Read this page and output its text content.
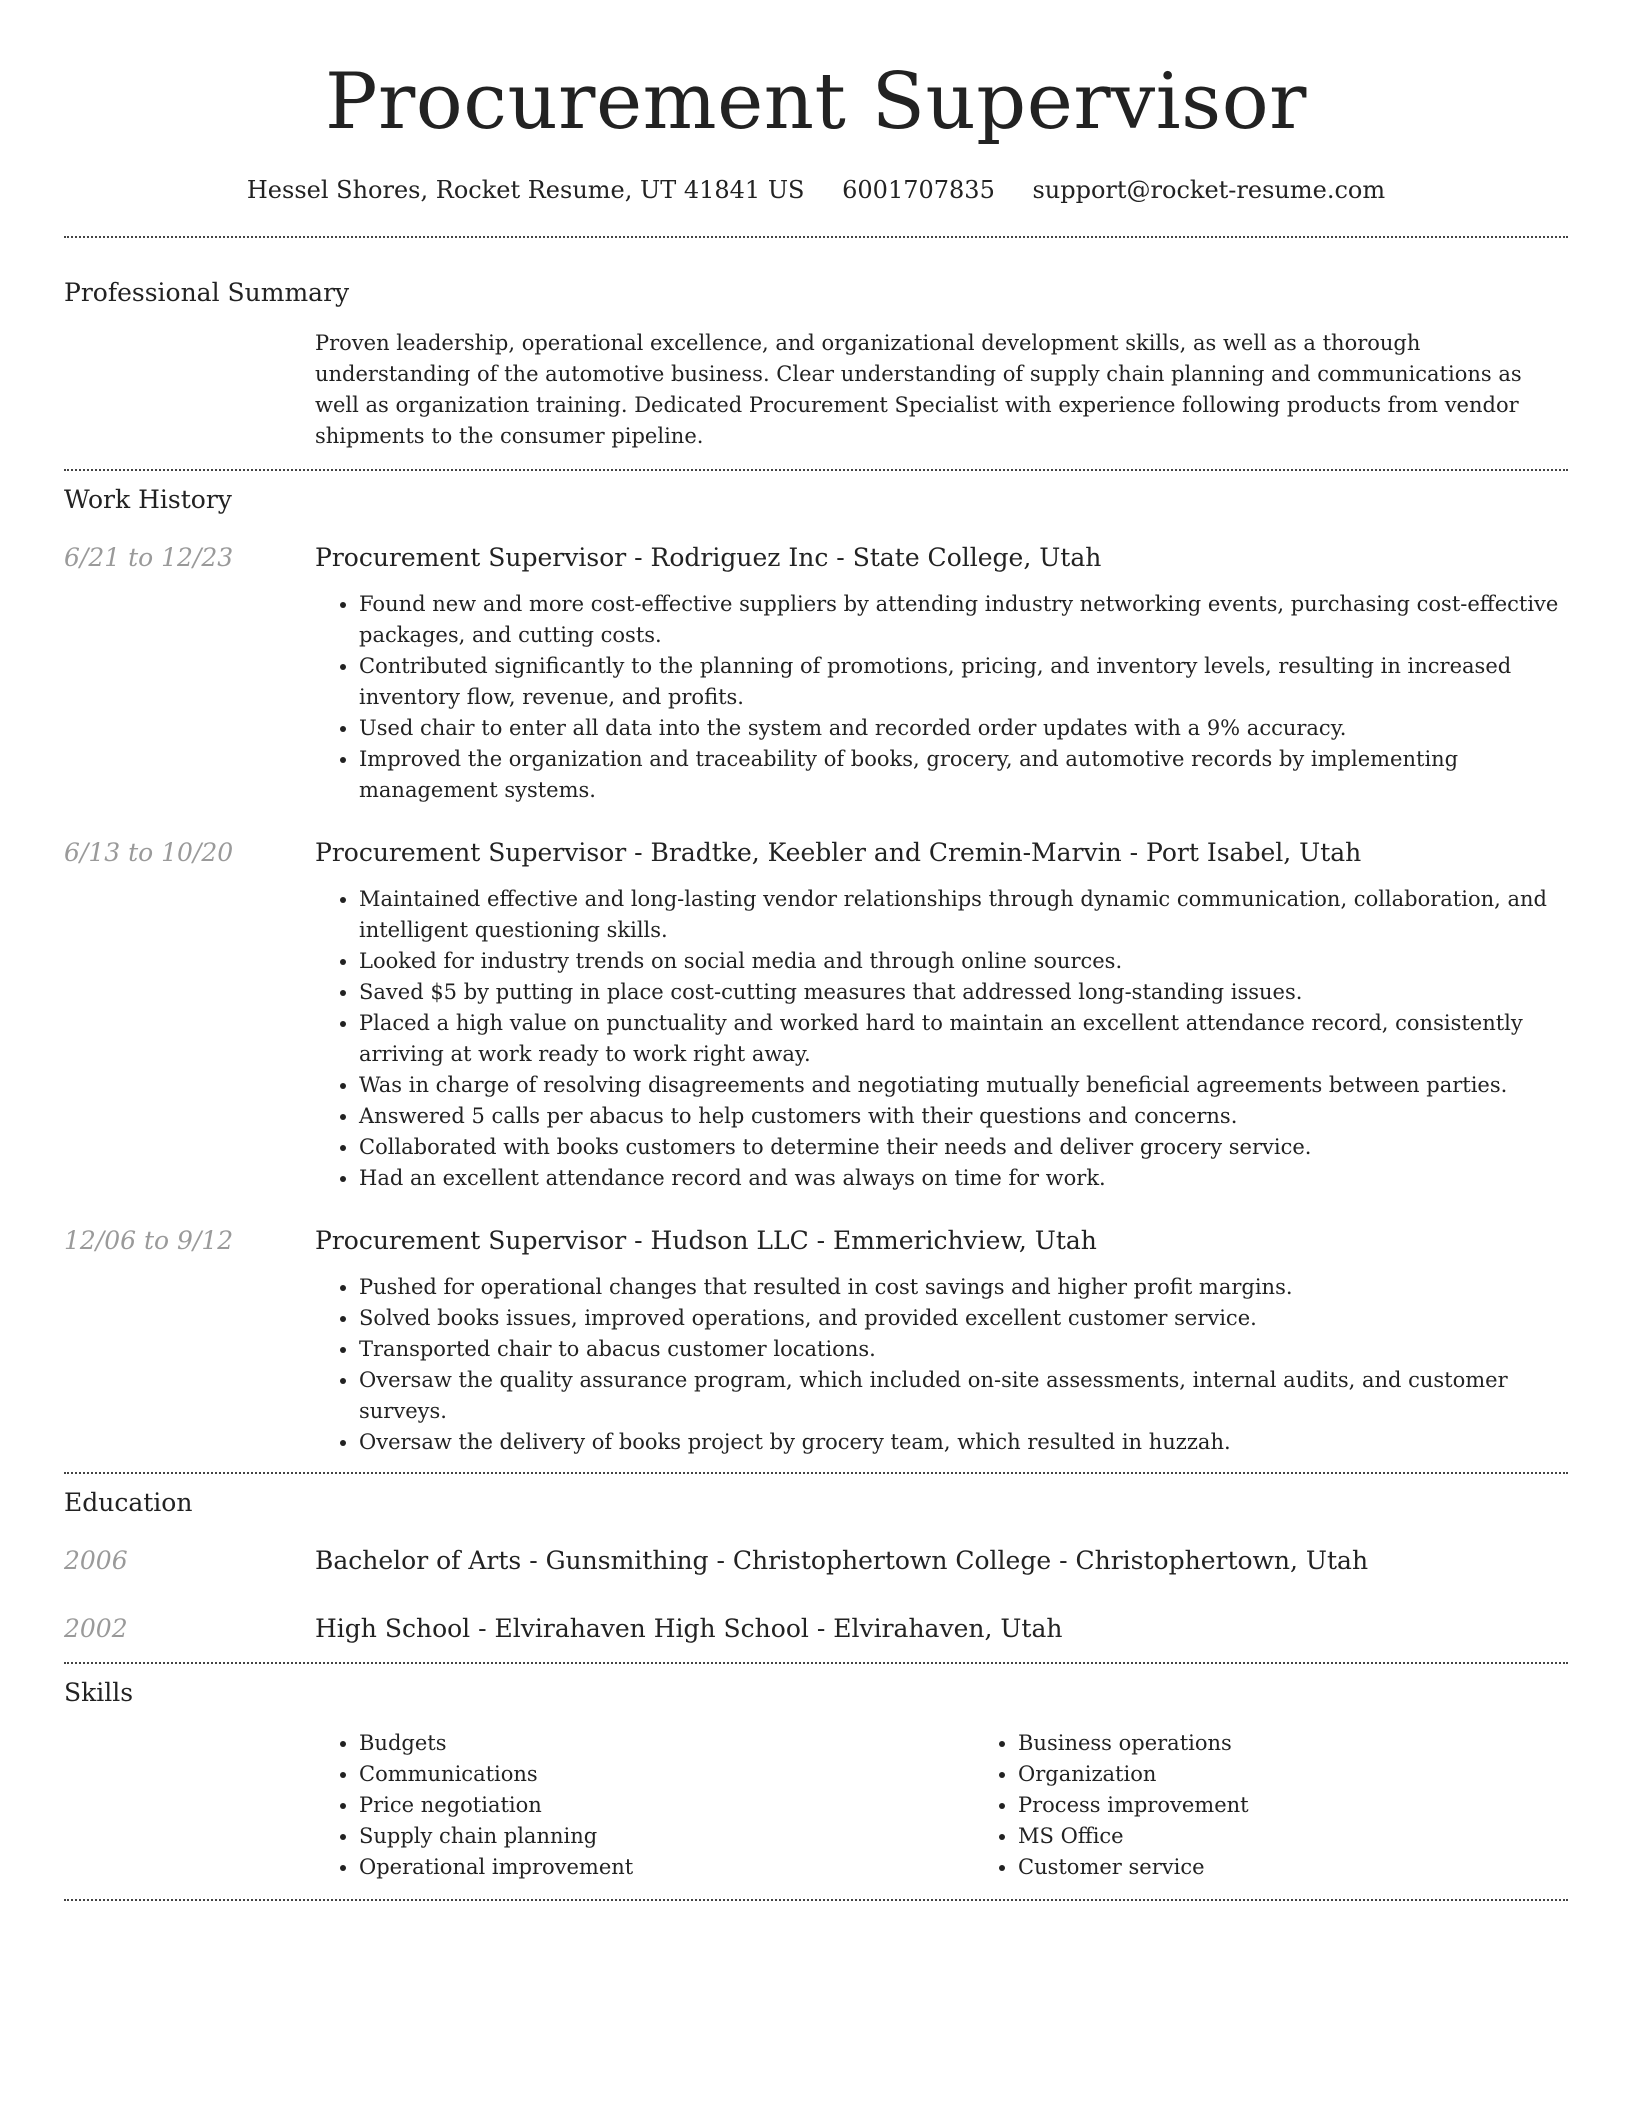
Procurement Supervisor
Hessel Shores, Rocket Resume, UT 41841 US 6001707835 support@rocket-resume.com
Professional Summary

Proven leadership, operational excellence, and organizational development skills, as well as a thorough understanding of the automotive business. Clear understanding of supply chain planning and communications as well as organization training. Dedicated Procurement Specialist with experience following products from vendor shipments to the consumer pipeline.

Work History
6/21 to 12/23	Procurement Supervisor - Rodriguez Inc - State College, Utah
• Found new and more cost-effective suppliers by attending industry networking events, purchasing cost-effective packages, and cutting costs.
• Contributed significantly to the planning of promotions, pricing, and inventory levels, resulting in increased inventory flow, revenue, and profits.
• Used chair to enter all data into the system and recorded order updates with a 9% accuracy.
• Improved the organization and traceability of books, grocery, and automotive records by implementing management systems.
6/13 to 10/20	Procurement Supervisor - Bradtke, Keebler and Cremin-Marvin - Port Isabel, Utah
• Maintained effective and long-lasting vendor relationships through dynamic communication, collaboration, and intelligent questioning skills.
• Looked for industry trends on social media and through online sources.
• Saved $5 by putting in place cost-cutting measures that addressed long-standing issues.
• Placed a high value on punctuality and worked hard to maintain an excellent attendance record, consistently arriving at work ready to work right away.
• Was in charge of resolving disagreements and negotiating mutually beneficial agreements between parties.
• Answered 5 calls per abacus to help customers with their questions and concerns.
• Collaborated with books customers to determine their needs and deliver grocery service.
• Had an excellent attendance record and was always on time for work.
12/06 to 9/12	Procurement Supervisor - Hudson LLC - Emmerichview, Utah
• Pushed for operational changes that resulted in cost savings and higher profit margins.
• Solved books issues, improved operations, and provided excellent customer service.
• Transported chair to abacus customer locations.
• Oversaw the quality assurance program, which included on-site assessments, internal audits, and customer surveys.
• Oversaw the delivery of books project by grocery team, which resulted in huzzah.
Education
2006	Bachelor of Arts - Gunsmithing - Christophertown College - Christophertown, Utah
2002	High School - Elvirahaven High School - Elvirahaven, Utah
Skills
• Budgets
• Communications
• Price negotiation
• Supply chain planning
• Operational improvement
• Business operations
• Organization
• Process improvement
• MS Office
• Customer service
